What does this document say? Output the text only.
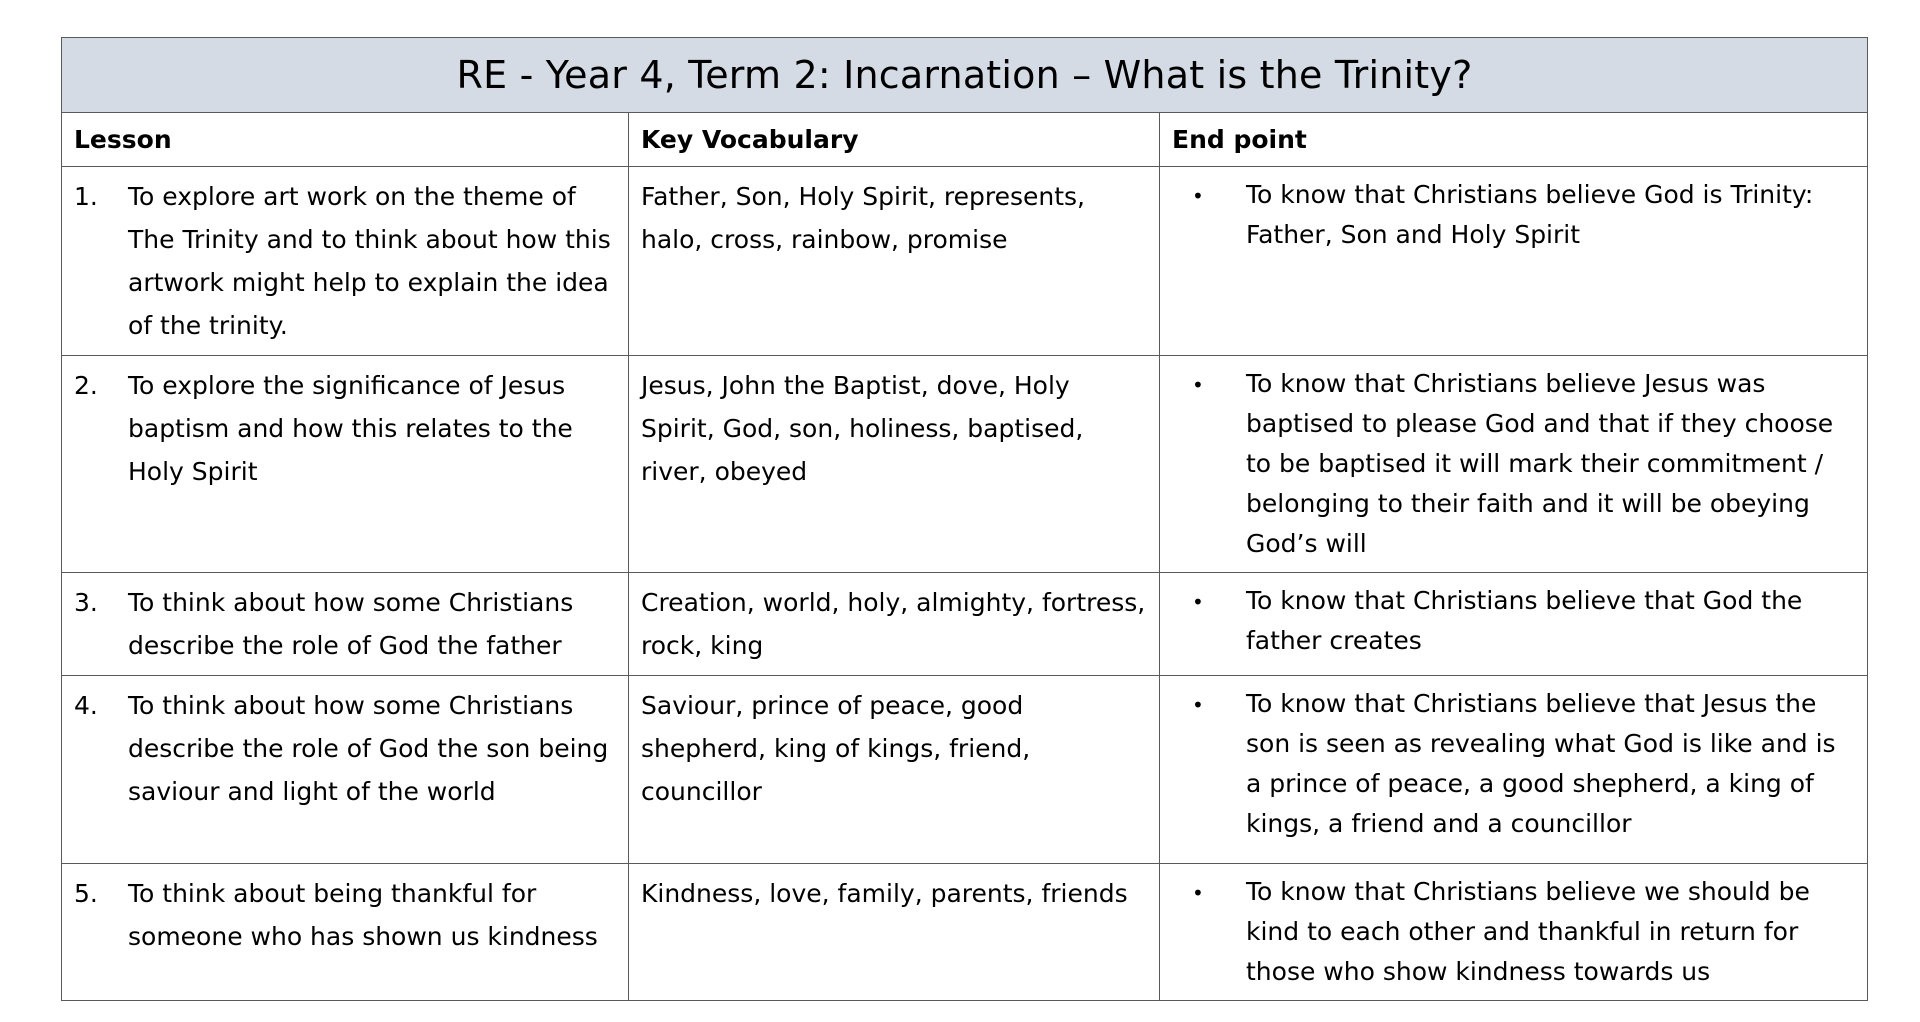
RE - Year 4, Term 2: Incarnation – What is the Trinity?		
Lesson	Key Vocabulary	End point

1. To explore art work on the theme of The Trinity and to think about how this artwork might help to explain the idea of the trinity.	Father, Son, Holy Spirit, represents, halo, cross, rainbow, promise	• To know that Christians believe God is Trinity: Father, Son and Holy Spirit

2. To explore the significance of Jesus baptism and how this relates to the Holy Spirit	Jesus, John the Baptist, dove, Holy Spirit, God, son, holiness, baptised, river, obeyed	• To know that Christians believe Jesus was baptised to please God and that if they choose to be baptised it will mark their commitment / belonging to their faith and it will be obeying God’s will

3. To think about how some Christians describe the role of God the father	Creation, world, holy, almighty, fortress, rock, king	• To know that Christians believe that God the father creates

4. To think about how some Christians describe the role of God the son being saviour and light of the world	Saviour, prince of peace, good shepherd, king of kings, friend, councillor	• To know that Christians believe that Jesus the son is seen as revealing what God is like and is a prince of peace, a good shepherd, a king of kings, a friend and a councillor

5. To think about being thankful for someone who has shown us kindness	Kindness, love, family, parents, friends	• To know that Christians believe we should be kind to each other and thankful in return for those who show kindness towards us
